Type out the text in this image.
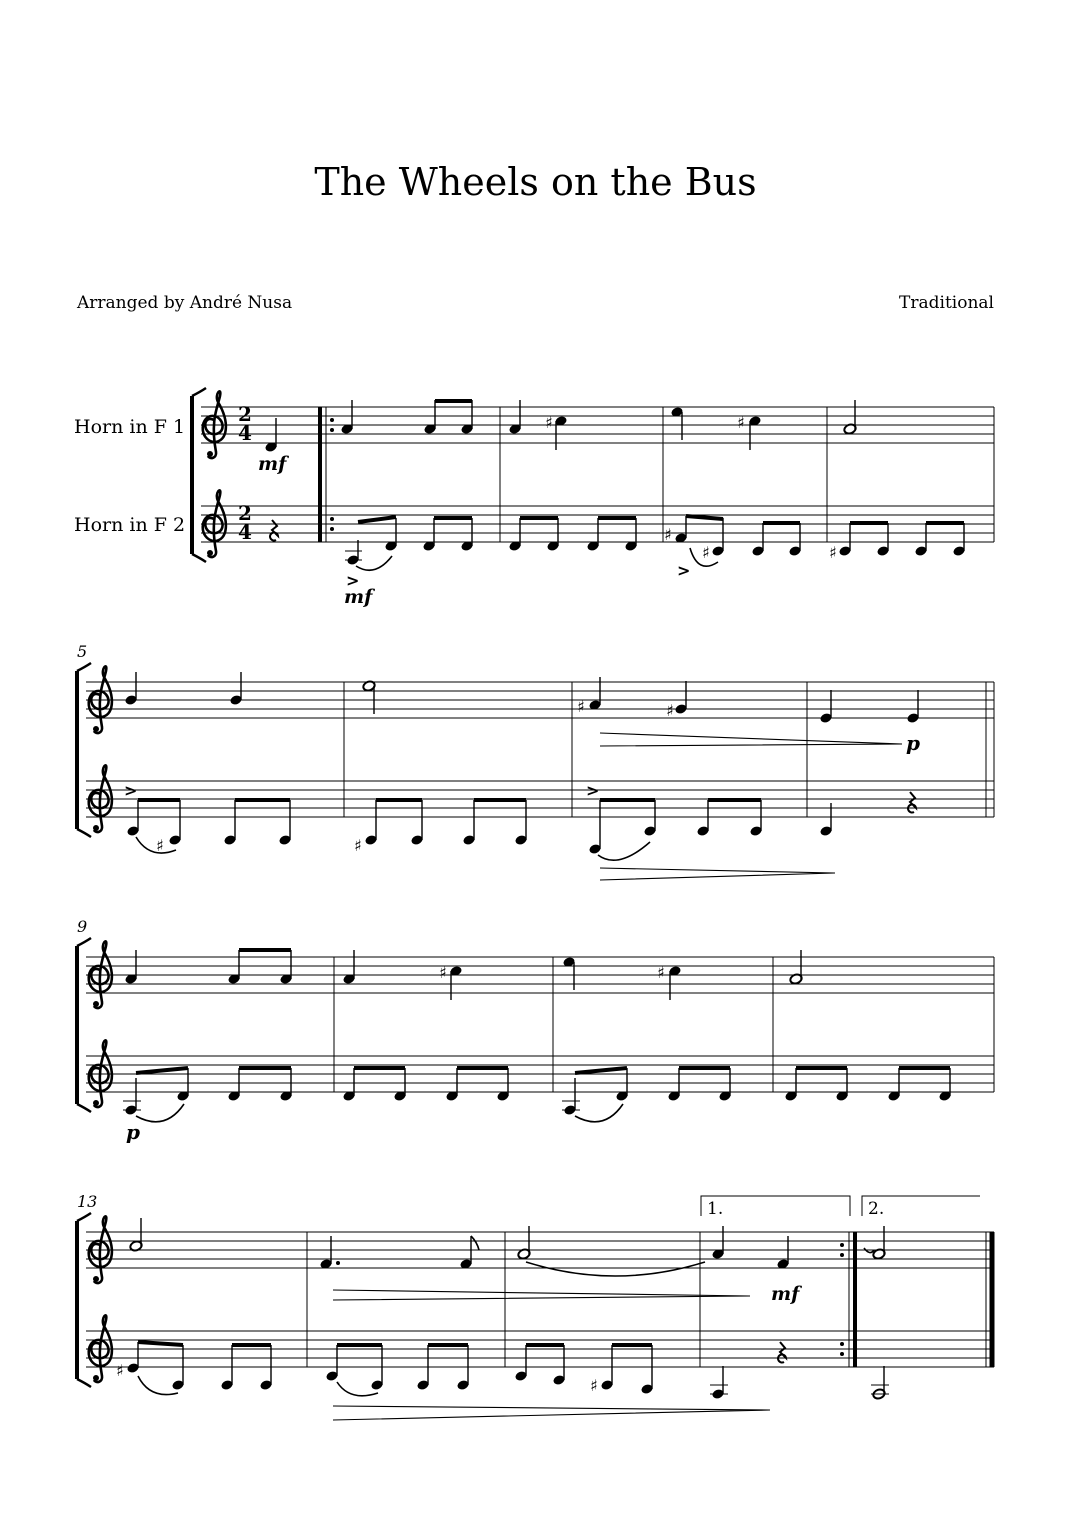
The Wheels on the Bus
Arranged by André Nusa	Traditional
Horn in F 1
Horn in F 2
5
9
13
2
4
2
4
mf
>
mf
♯	♯
♯
♯
>
♯
>
♯	♯
♯	♯
p
>
p
♯	♯
♯
♯
1.
mf
2.
